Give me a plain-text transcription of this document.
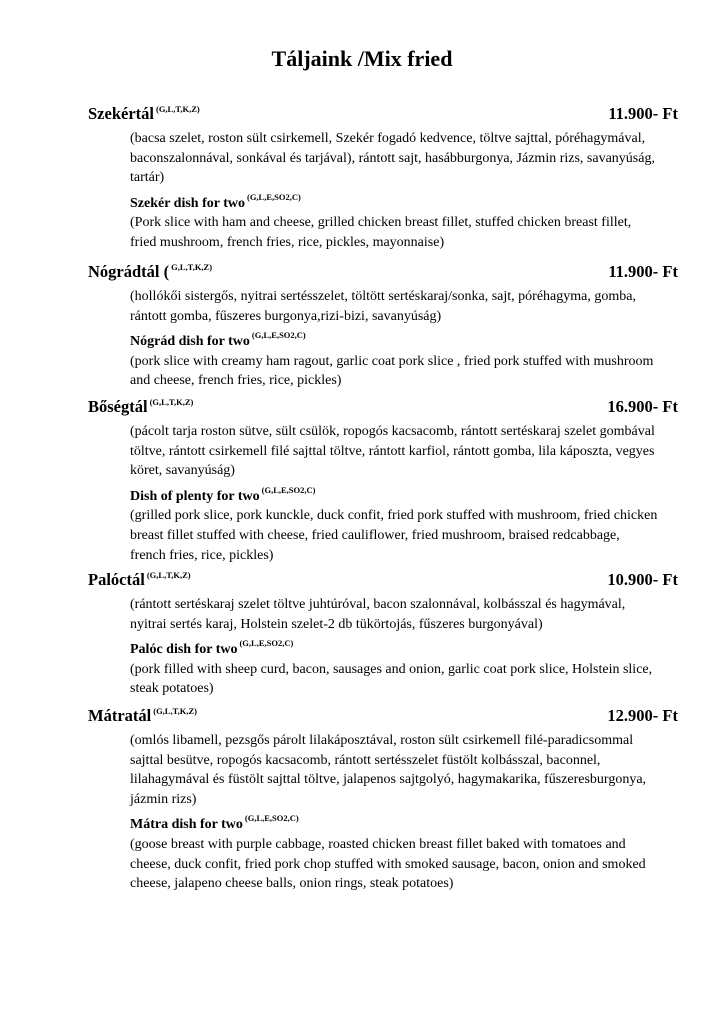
Táljaink /Mix fried
Szekértál $^{(G,L,T,K,Z)}$	11.900- Ft
(bacsa szelet, roston sült csirkemell, Szekér fogadó kedvence, töltve sajttal, póréhagymával,
baconszalonnával, sonkával és tarjával), rántott sajt, hasábburgonya, Jázmin rizs, savanyúság,
tartár)
Szekér dish for two $^{(G,L,E,SO2,C)}$
(Pork slice with ham and cheese, grilled chicken breast fillet, stuffed chicken breast fillet,
fried mushroom, french fries, rice, pickles, mayonnaise)
Nógrádtál ( $^{G,L,T,K,Z)}$	11.900- Ft
(hollókői sistergős, nyitrai sertésszelet, töltött sertéskaraj/sonka, sajt, póréhagyma, gomba,
rántott gomba, fűszeres burgonya,rizi-bizi, savanyúság)
Nógrád dish for two $^{(G,L,E,SO2,C)}$
(pork slice with creamy ham ragout, garlic coat pork slice , fried pork stuffed with mushroom
and cheese, french fries, rice, pickles)
Bőségtál $^{(G,L,T,K,Z)}$	16.900- Ft
(pácolt tarja roston sütve, sült csülök, ropogós kacsacomb, rántott sertéskaraj szelet gombával
töltve, rántott csirkemell filé sajttal töltve, rántott karfiol, rántott gomba, lila káposzta, vegyes
köret, savanyúság)
Dish of plenty for two $^{(G,L,E,SO2,C)}$
(grilled pork slice, pork kunckle, duck confit, fried pork stuffed with mushroom, fried chicken
breast fillet stuffed with cheese, fried cauliflower, fried mushroom, braised redcabbage,
french fries, rice, pickles)
Palóctál $^{(G,L,T,K,Z)}$	10.900- Ft
(rántott sertéskaraj szelet töltve juhtúróval, bacon szalonnával, kolbásszal és hagymával,
nyitrai sertés karaj, Holstein szelet-2 db tükörtojás, fűszeres burgonyával)
Palóc dish for two $^{(G,L,E,SO2,C)}$
(pork filled with sheep curd, bacon, sausages and onion, garlic coat pork slice, Holstein slice,
steak potatoes)
Mátratál $^{(G,L,T,K,Z)}$	12.900- Ft
(omlós libamell, pezsgős párolt lilakáposztával, roston sült csirkemell filé-paradicsommal
sajttal besütve, ropogós kacsacomb, rántott sertésszelet füstölt kolbásszal, baconnel,
lilahagymával és füstölt sajttal töltve, jalapenos sajtgolyó, hagymakarika, fűszeresburgonya,
jázmin rizs)
Mátra dish for two $^{(G,L,E,SO2,C)}$
(goose breast with purple cabbage, roasted chicken breast fillet baked with tomatoes and
cheese, duck confit, fried pork chop stuffed with smoked sausage, bacon, onion and smoked
cheese, jalapeno cheese balls, onion rings, steak potatoes)
